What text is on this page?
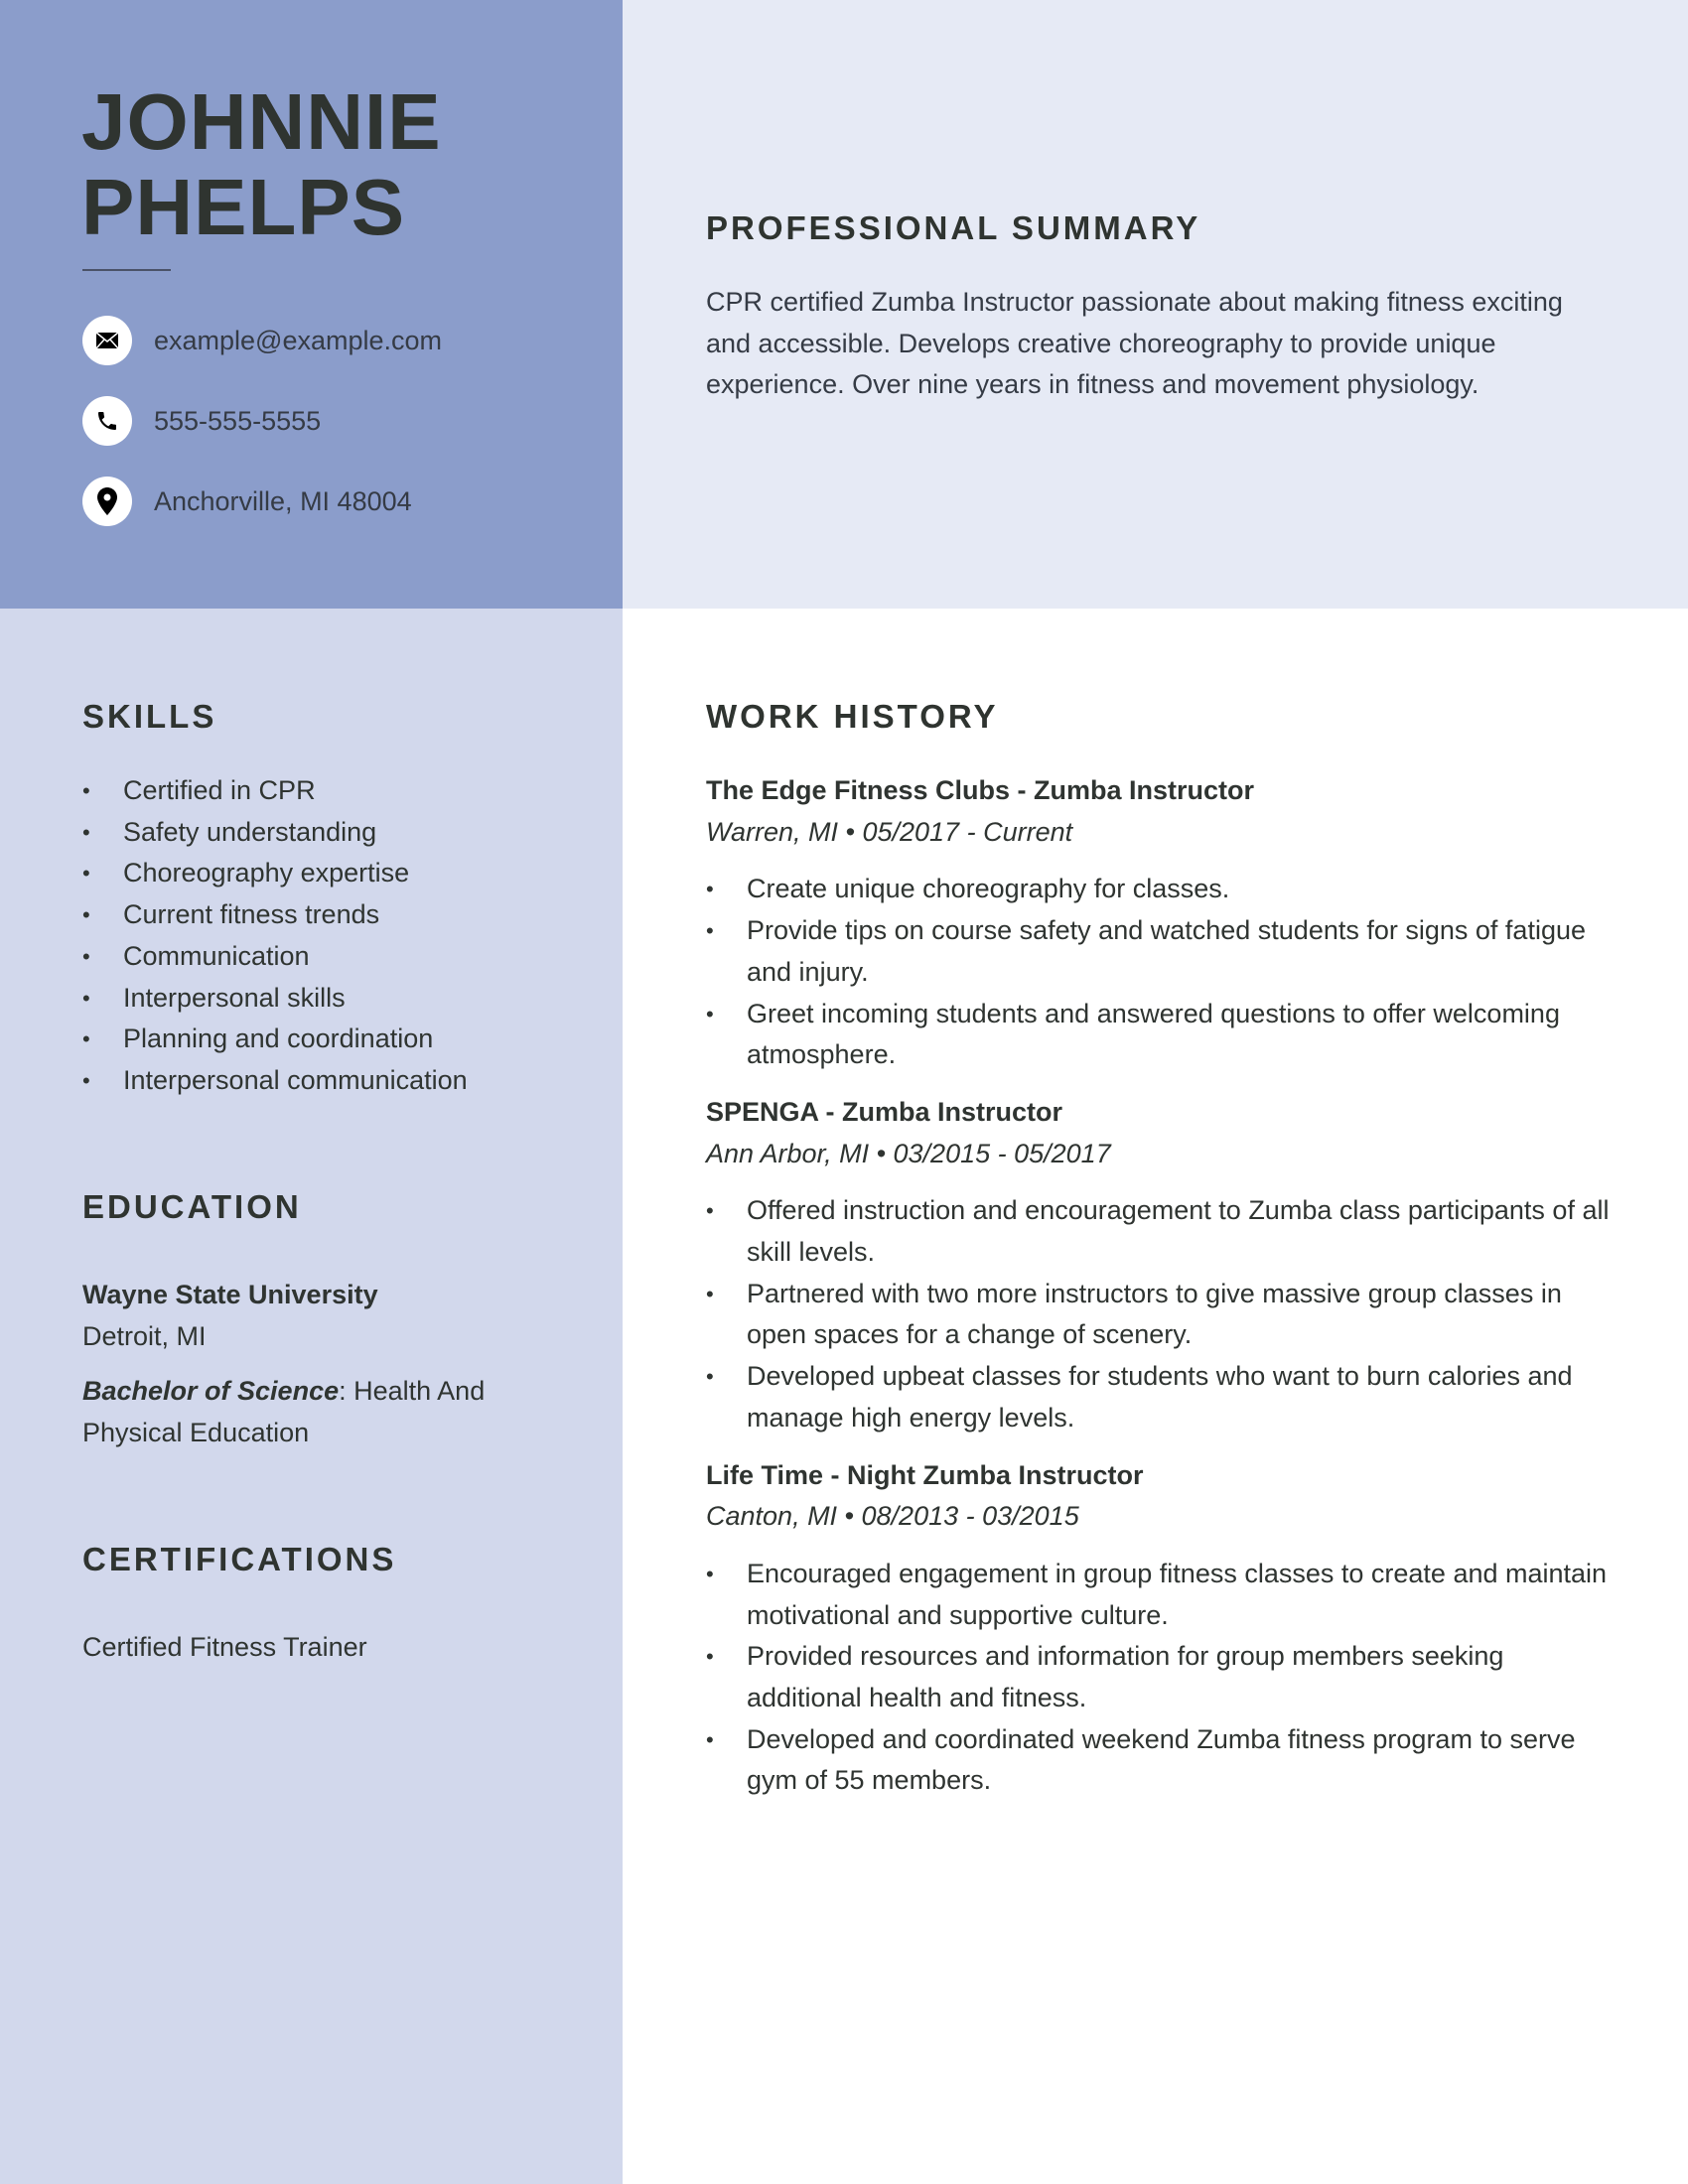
JOHNNIE
PHELPS
example@example.com
555-555-5555
Anchorville, MI 48004
PROFESSIONAL SUMMARY
CPR certified Zumba Instructor passionate about making fitness exciting and accessible. Develops creative choreography to provide unique experience. Over nine years in fitness and movement physiology.
SKILLS
• Certified in CPR
• Safety understanding
• Choreography expertise
• Current fitness trends
• Communication
• Interpersonal skills
• Planning and coordination
• Interpersonal communication
EDUCATION
Wayne State University
Detroit, MI
Bachelor of Science: Health And Physical Education
CERTIFICATIONS
Certified Fitness Trainer
WORK HISTORY
The Edge Fitness Clubs - Zumba Instructor
Warren, MI • 05/2017 - Current
• Create unique choreography for classes.
• Provide tips on course safety and watched students for signs of fatigue and injury.
• Greet incoming students and answered questions to offer welcoming atmosphere.
SPENGA - Zumba Instructor
Ann Arbor, MI • 03/2015 - 05/2017
• Offered instruction and encouragement to Zumba class participants of all skill levels.
• Partnered with two more instructors to give massive group classes in open spaces for a change of scenery.
• Developed upbeat classes for students who want to burn calories and manage high energy levels.
Life Time - Night Zumba Instructor
Canton, MI • 08/2013 - 03/2015
• Encouraged engagement in group fitness classes to create and maintain motivational and supportive culture.
• Provided resources and information for group members seeking additional health and fitness.
• Developed and coordinated weekend Zumba fitness program to serve gym of 55 members.
